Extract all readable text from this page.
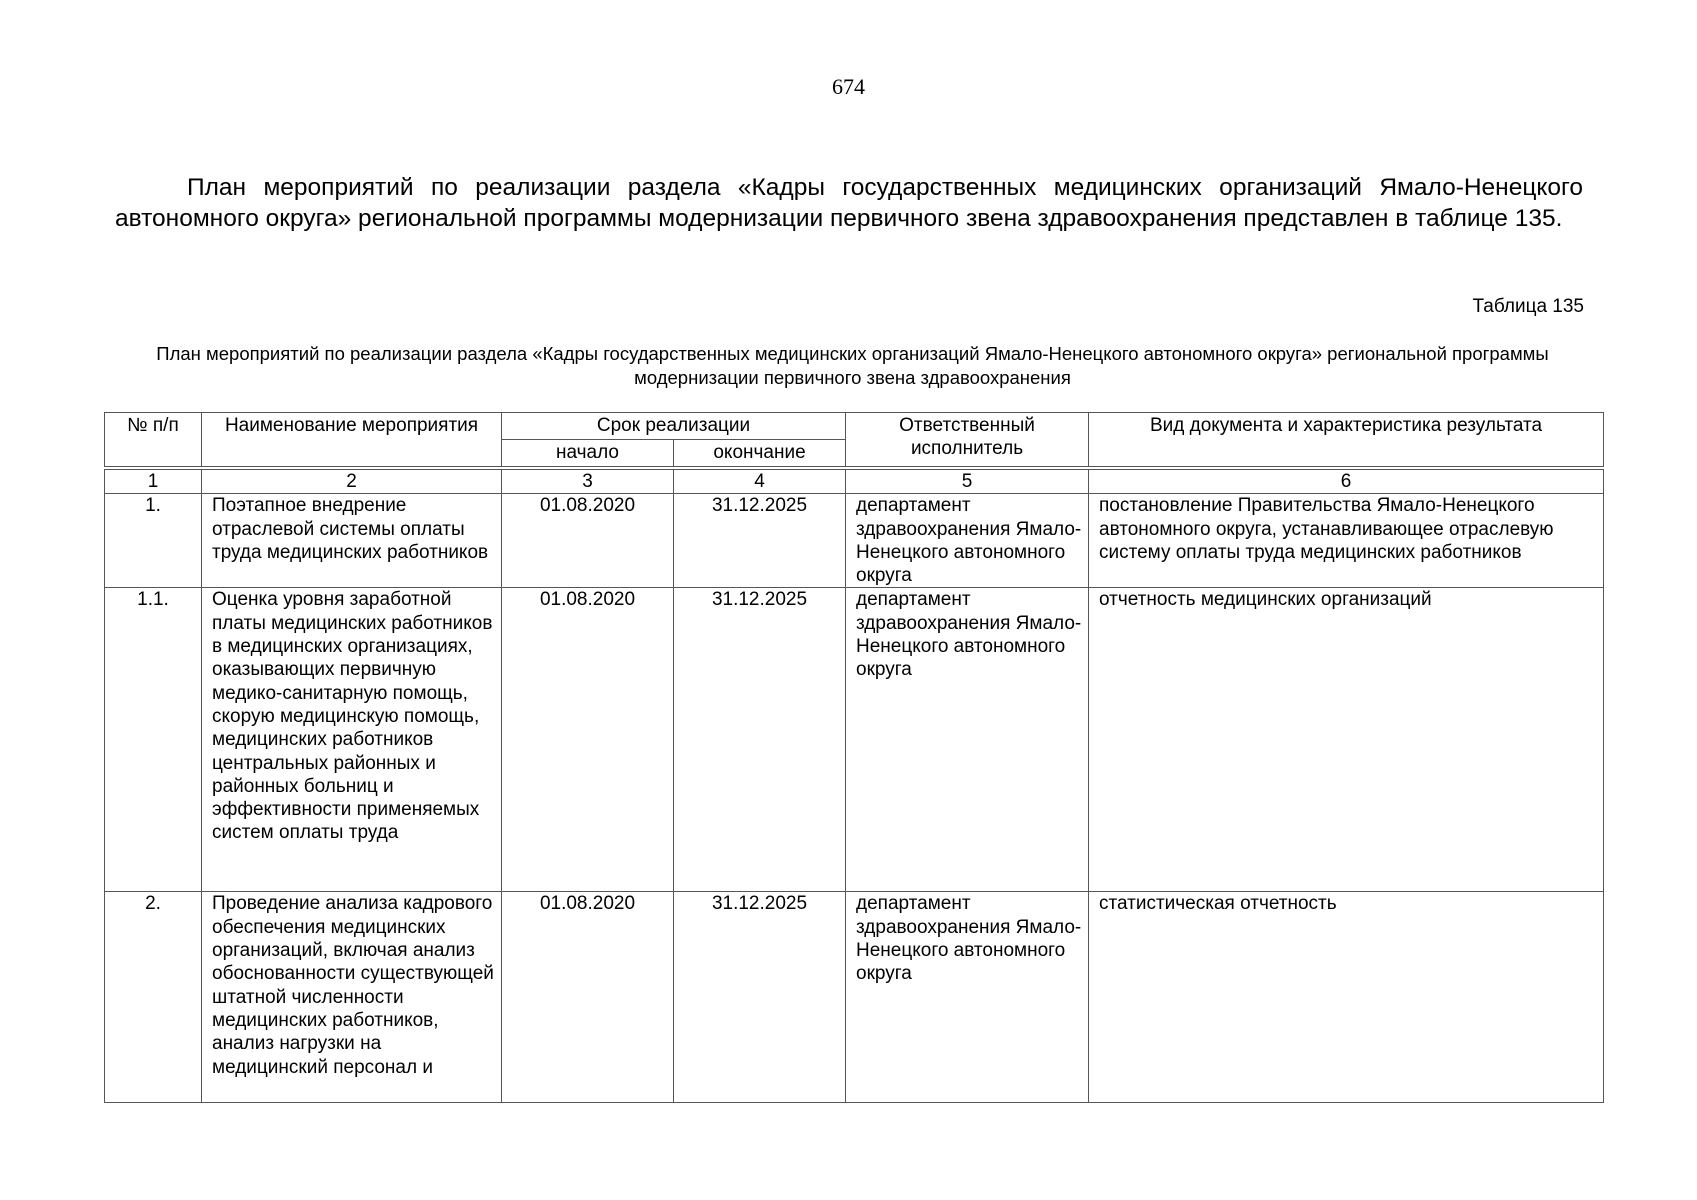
674

План мероприятий по реализации раздела «Кадры государственных медицинских организаций Ямало-Ненецкого автономного округа» региональной программы модернизации первичного звена здравоохранения представлен в таблице 135.

Таблица 135

План мероприятий по реализации раздела «Кадры государственных медицинских организаций Ямало-Ненецкого автономного округа» региональной программы модернизации первичного звена здравоохранения

№ п/п	Наименование мероприятия	Срок реализации		Ответственный исполнитель	Вид документа и характеристика результата
		начало	окончание		
1	2	3	4	5	6
1.	Поэтапное внедрение отраслевой системы оплаты труда медицинских работников	01.08.2020	31.12.2025	департамент здравоохранения Ямало-Ненецкого автономного округа	постановление Правительства Ямало-Ненецкого автономного округа, устанавливающее отраслевую систему оплаты труда медицинских работников
1.1.	Оценка уровня заработной платы медицинских работников в медицинских организациях, оказывающих первичную медико-санитарную помощь, скорую медицинскую помощь, медицинских работников центральных районных и районных больниц и эффективности применяемых систем оплаты труда	01.08.2020	31.12.2025	департамент здравоохранения Ямало-Ненецкого автономного округа	отчетность медицинских организаций
2.	Проведение анализа кадрового обеспечения медицинских организаций, включая анализ обоснованности существующей штатной численности медицинских работников, анализ нагрузки на медицинский персонал и	01.08.2020	31.12.2025	департамент здравоохранения Ямало-Ненецкого автономного округа	статистическая отчетность
